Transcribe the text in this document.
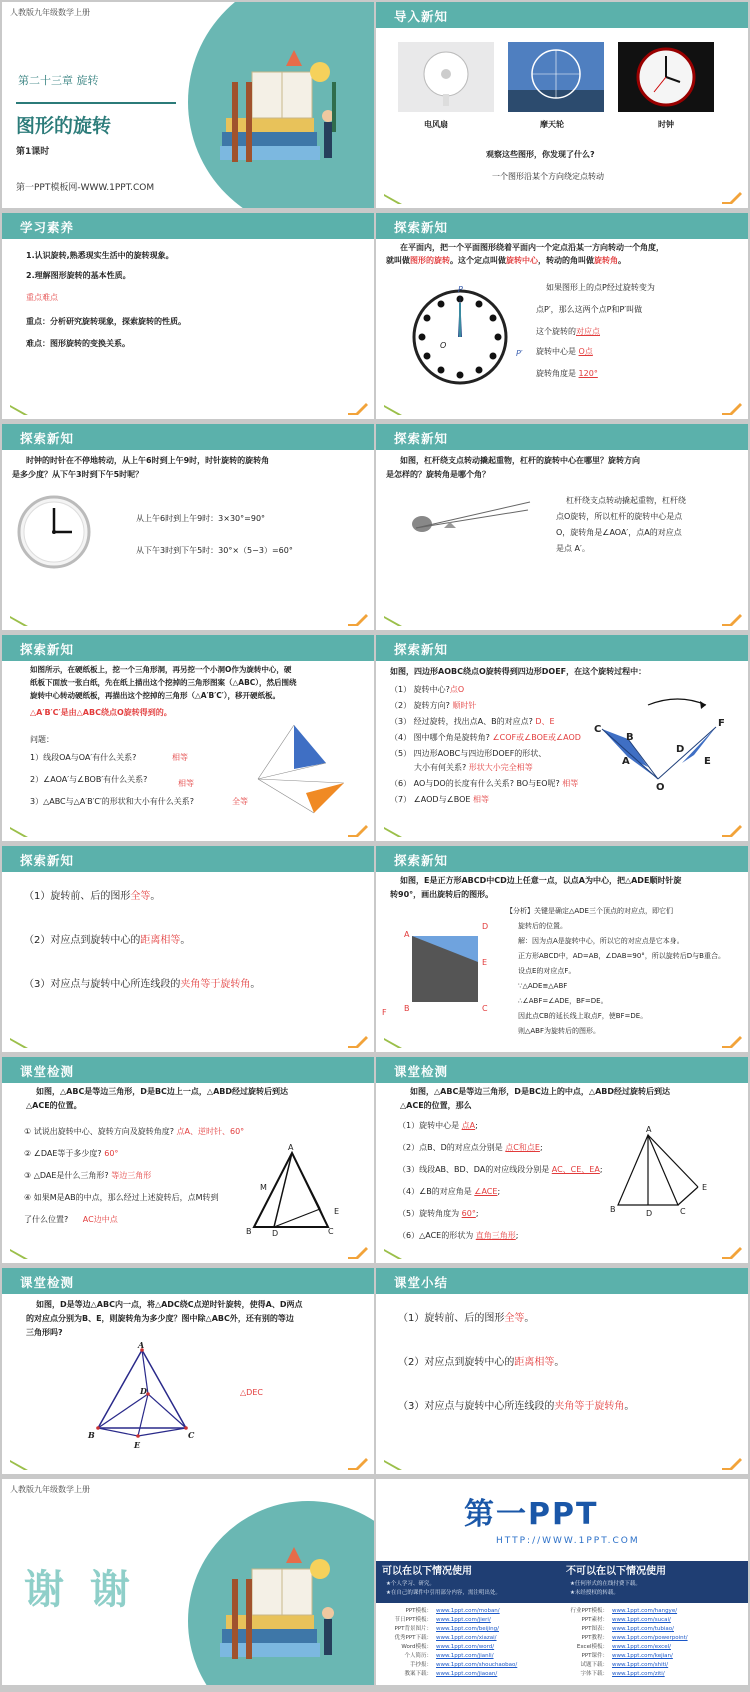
人教版九年级数学上册
第二十三章 旋转
图形的旋转
第1课时
第一PPT模板网-WWW.1PPT.COM
导入新知
电风扇	摩天轮	时钟
观察这些图形，你发现了什么?
一个图形沿某个方向绕定点转动
学习素养
1.认识旋转,熟悉现实生活中的旋转现象。
2.理解图形旋转的基本性质。
重点难点
重点：分析研究旋转现象，探索旋转的性质。
难点：图形旋转的变换关系。
探索新知
在平面内，把一个平面图形绕着平面内一个定点沿某一方向转动一个角度，
就叫做图形的旋转。这个定点叫做旋转中心，转动的角叫做旋转角。
P
P′
O
如果图形上的点P经过旋转变为
点P′，那么这两个点P和P′叫做
这个旋转的对应点
旋转中心是 O点
旋转角度是 120°
探索新知
时钟的时针在不停地转动，从上午6时到上午9时，时针旋转的旋转角
是多少度？从下午3时到下午5时呢？
从上午6时到上午9时：3×30°=90°
从下午3时到下午5时：30°×（5−3）=60°
探索新知
如图，杠杆绕支点转动撬起重物，杠杆的旋转中心在哪里？旋转方向
是怎样的？旋转角是哪个角？
杠杆绕支点转动撬起重物，杠杆绕
点O旋转，所以杠杆的旋转中心是点
O，旋转角是∠AOA′，点A的对应点
是点 A′。
探索新知
如图所示，在硬纸板上，挖一个三角形洞，再另挖一个小洞O作为旋转中心，硬
纸板下面放一张白纸，先在纸上描出这个挖掉的三角形图案（△ABC），然后围绕
旋转中心转动硬纸板，再描出这个挖掉的三角形（△A′B′C′），移开硬纸板。
△A′B′C′是由△ABC绕点O旋转得到的。
问题：
1）线段OA与OA′有什么关系?	相等
2）∠AOA′与∠BOB′有什么关系?	相等
3）△ABC与△A′B′C′的形状和大小有什么关系?	全等
探索新知
如图，四边形AOBC绕点O旋转得到四边形DOEF，在这个旋转过程中：
（1） 旋转中心?点O
（2） 旋转方向? 顺时针
（3） 经过旋转，找出点A、B的对应点? D、E
（4） 图中哪个角是旋转角? ∠COF或∠BOE或∠AOD
（5） 四边形AOBC与四边形DOEF的形状、
大小有何关系? 形状大小完全相等
（6） AO与DO的长度有什么关系? BO与EO呢? 相等
（7） ∠AOD与∠BOE 相等
C
B
A
O
D
F
E
探索新知
（1）旋转前、后的图形全等。
（2）对应点到旋转中心的距离相等。
（3）对应点与旋转中心所连线段的夹角等于旋转角。
探索新知
如图，E是正方形ABCD中CD边上任意一点，以点A为中心，把△ADE顺时针旋
转90°，画出旋转后的图形。
A
D
E
B	C
F
【分析】关键是确定△ADE三个顶点的对应点，即它们
旋转后的位置。
解：因为点A是旋转中心，所以它的对应点是它本身。
正方形ABCD中，AD=AB，∠DAB=90°，所以旋转后D与B重合。
设点E的对应点F。
∵△ADE≌△ABF
∴∠ABF=∠ADE，BF=DE。
因此点CB的延长线上取点F，使BF=DE。
则△ABF为旋转后的图形。
课堂检测
如图，△ABC是等边三角形，D是BC边上一点，△ABD经过旋转后到达
△ACE的位置。
① 试说出旋转中心、旋转方向及旋转角度? 点A、逆时针、60°
② ∠DAE等于多少度? 60°
③ △DAE是什么三角形? 等边三角形
④ 如果M是AB的中点，那么经过上述旋转后，点M转到
了什么位置? AC边中点
A
M
B	D	C
E
课堂检测
如图，△ABC是等边三角形，D是BC边上的中点，△ABD经过旋转后到达
△ACE的位置，那么
（1）旋转中心是 点A;
（2）点B、D的对应点分别是 点C和点E;
（3）线段AB、BD、DA的对应线段分别是 AC、CE、EA;
（4）∠B的对应角是 ∠ACE;
（5）旋转角度为 60°;
（6）△ACE的形状为 直角三角形;
A
E
B	D	C
课堂检测
如图，D是等边△ABC内一点，将△ADC绕C点逆时针旋转，使得A、D两点
的对应点分别为B、E，则旋转角为多少度？图中除△ABC外，还有别的等边
三角形吗?
A
D
B
E
C
△DEC
课堂小结
（1）旋转前、后的图形全等。
（2）对应点到旋转中心的距离相等。
（3）对应点与旋转中心所连线段的夹角等于旋转角。
人教版九年级数学上册
谢 谢
第一PPT
HTTP://WWW.1PPT.COM
可以在以下情况使用
★个人学习、研究。
★在自己的课件中引用部分内容，需注明出处。
不可以在以下情况使用
★任何形式的在线付费下载。
★未经授权的转载。
PPT模板： www.1ppt.com/moban/
节日PPT模板： www.1ppt.com/jieri/
PPT背景图片： www.1ppt.com/beijing/
优秀PPT下载： www.1ppt.com/xiazai/
Word模板： www.1ppt.com/word/
个人简历： www.1ppt.com/jianli/
手抄报： www.1ppt.com/shouchaobao/
教案下载： www.1ppt.com/jiaoan/
行业PPT模板： www.1ppt.com/hangye/
PPT素材： www.1ppt.com/sucai/
PPT图表： www.1ppt.com/tubiao/
PPT教程： www.1ppt.com/powerpoint/
Excel模板： www.1ppt.com/excel/
PPT课件： www.1ppt.com/kejian/
试题下载： www.1ppt.com/shiti/
字体下载： www.1ppt.com/ziti/
